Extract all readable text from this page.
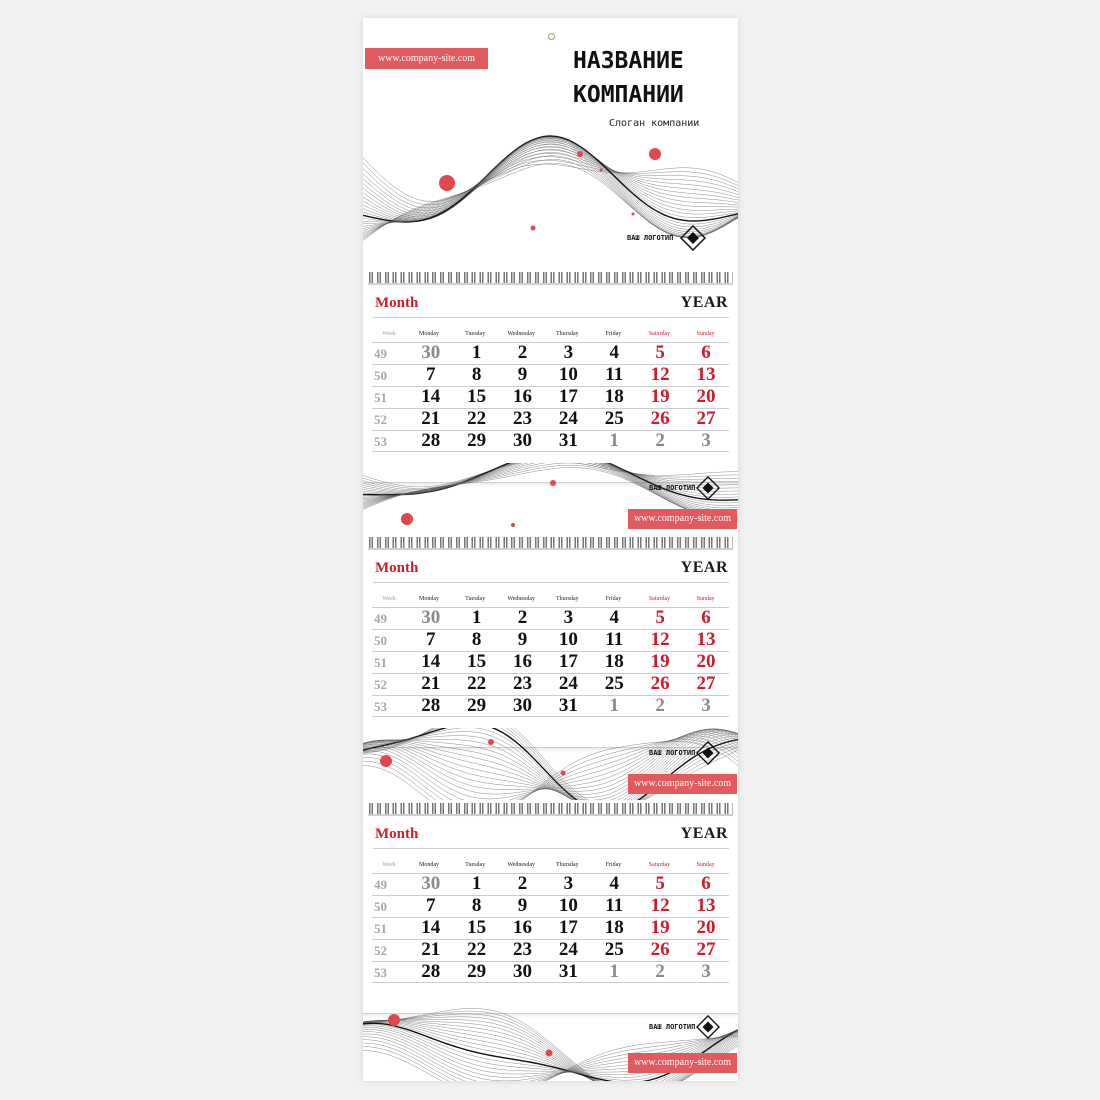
www.company-site.com	НАЗВАНИЕ
КОМПАНИИ
Слоган компании
ВАШ ЛОГОТИП
Month	YEAR
Week	Monday	Tuesday	Wednesday	Thursday	Friday	Saturday	Sunday
49	30	1	2	3	4	5	6
50	7	8	9	10	11	12	13
51	14	15	16	17	18	19	20
52	21	22	23	24	25	26	27
53	28	29	30	31	1	2	3
ВАШ ЛОГОТИП
www.company-site.com
Month	YEAR
Week	Monday	Tuesday	Wednesday	Thursday	Friday	Saturday	Sunday
49	30	1	2	3	4	5	6
50	7	8	9	10	11	12	13
51	14	15	16	17	18	19	20
52	21	22	23	24	25	26	27
53	28	29	30	31	1	2	3
ВАШ ЛОГОТИП
www.company-site.com
Month	YEAR
Week	Monday	Tuesday	Wednesday	Thursday	Friday	Saturday	Sunday
49	30	1	2	3	4	5	6
50	7	8	9	10	11	12	13
51	14	15	16	17	18	19	20
52	21	22	23	24	25	26	27
53	28	29	30	31	1	2	3
ВАШ ЛОГОТИП
www.company-site.com
